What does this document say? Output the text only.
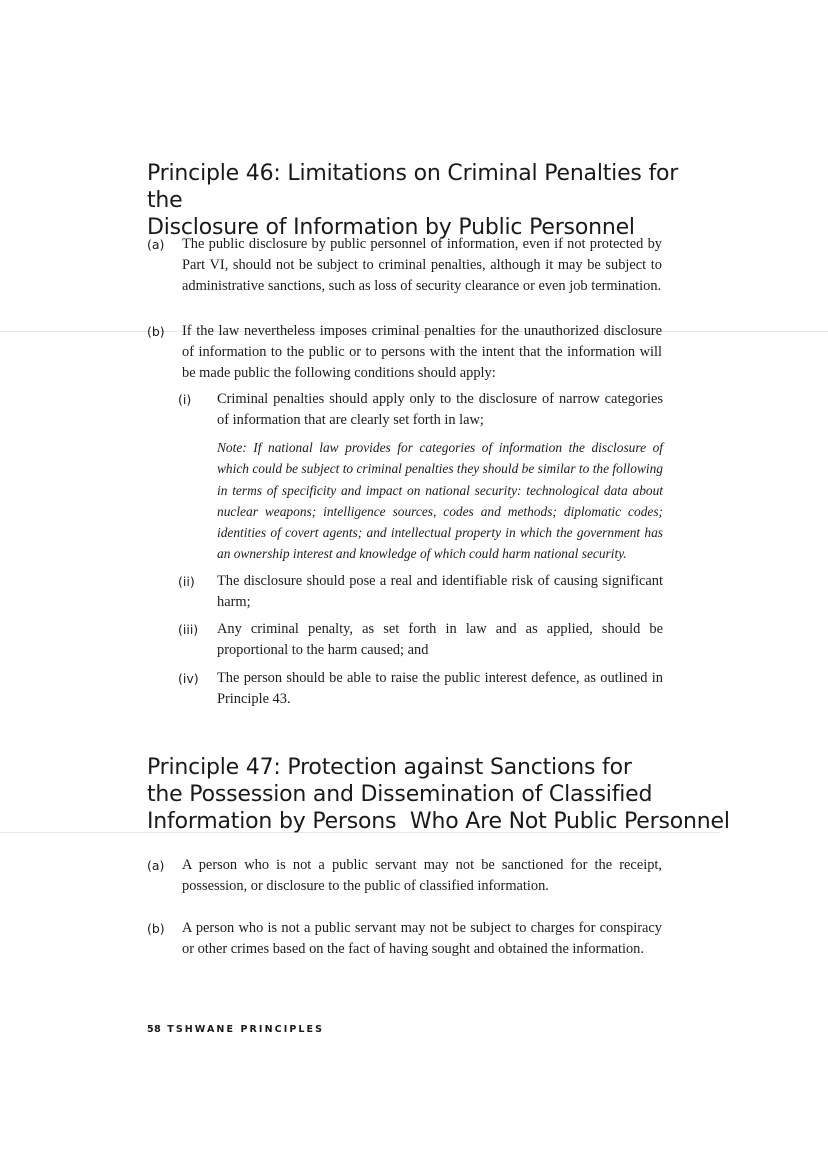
Principle 46: Limitations on Criminal Penalties for the
Disclosure of Information by Public Personnel
(a)	The public disclosure by public personnel of information, even if not protected by Part VI, should not be subject to criminal penalties, although it may be subject to administrative sanctions, such as loss of security clearance or even job termination.
(b)	If the law nevertheless imposes criminal penalties for the unauthorized disclosure of information to the public or to persons with the intent that the information will be made public the following conditions should apply:
(i)	Criminal penalties should apply only to the disclosure of narrow categories of information that are clearly set forth in law;
Note: If national law provides for categories of information the disclosure of which could be subject to criminal penalties they should be similar to the following in terms of specificity and impact on national security: technological data about nuclear weapons; intelligence sources, codes and methods; diplomatic codes; identities of covert agents; and intellectual property in which the government has an ownership interest and knowledge of which could harm national security.
(ii)	The disclosure should pose a real and identifiable risk of causing significant harm;
(iii)	Any criminal penalty, as set forth in law and as applied, should be proportional to the harm caused; and
(iv)	The person should be able to raise the public interest defence, as outlined in Principle 43.
Principle 47: Protection against Sanctions for
the Possession and Dissemination of Classified
Information by Persons  Who Are Not Public Personnel
(a)	A person who is not a public servant may not be sanctioned for the receipt, possession, or disclosure to the public of classified information.
(b)	A person who is not a public servant may not be subject to charges for conspiracy or other crimes based on the fact of having sought and obtained the information.
58 TSHWANE PRINCIPLES
